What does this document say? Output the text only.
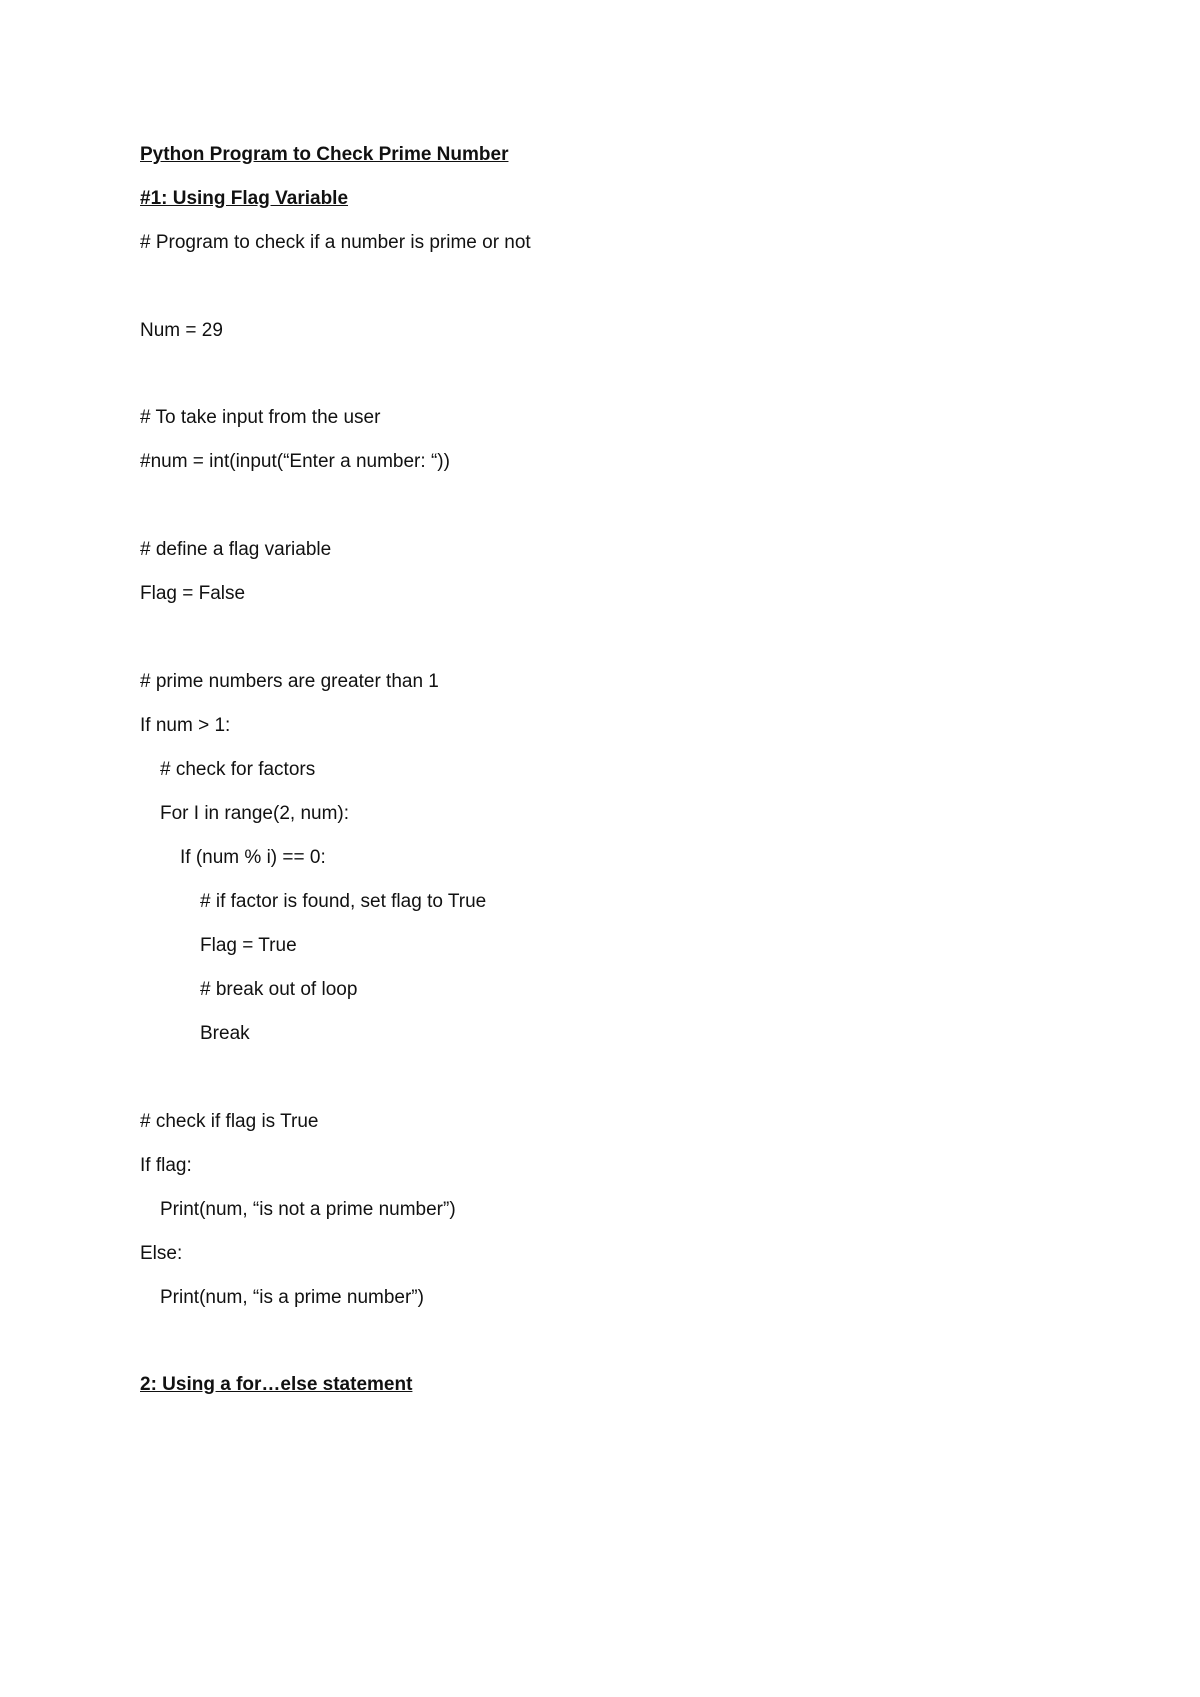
Python Program to Check Prime Number
#1: Using Flag Variable
# Program to check if a number is prime or not
Num = 29
# To take input from the user
#num = int(input(“Enter a number: “))
# define a flag variable
Flag = False
# prime numbers are greater than 1
If num > 1:
# check for factors
For I in range(2, num):
If (num % i) == 0:
# if factor is found, set flag to True
Flag = True
# break out of loop
Break
# check if flag is True
If flag:
Print(num, “is not a prime number”)
Else:
Print(num, “is a prime number”)
2: Using a for…else statement
